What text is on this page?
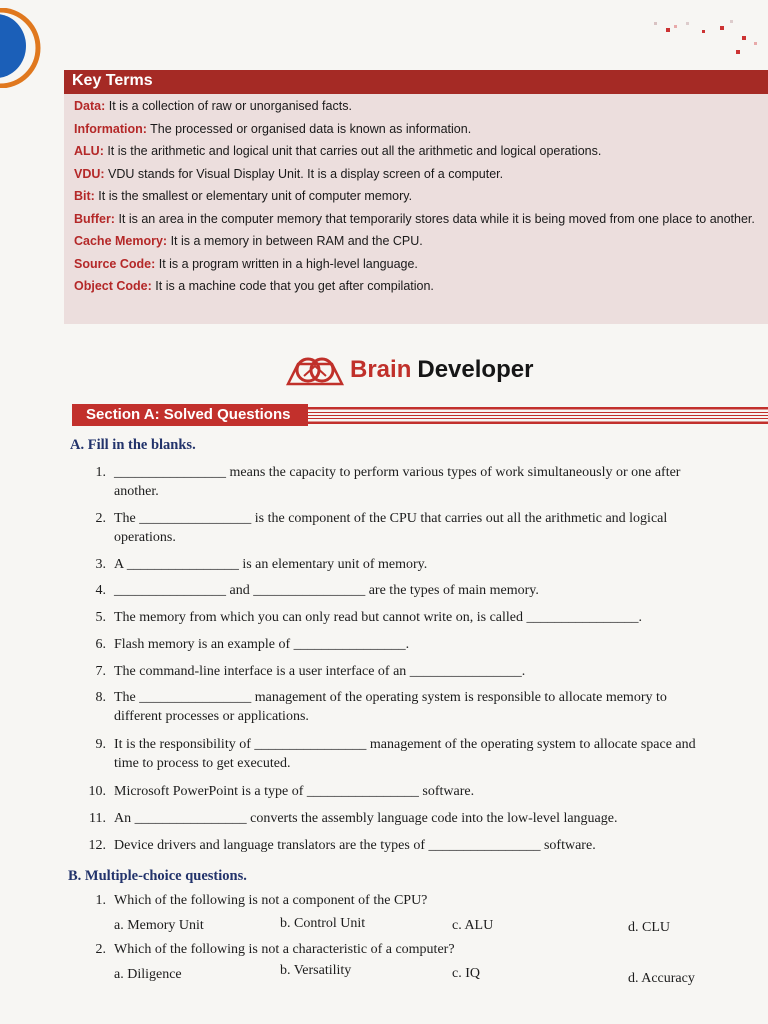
Key Terms
Data: It is a collection of raw or unorganised facts.
Information: The processed or organised data is known as information.
ALU: It is the arithmetic and logical unit that carries out all the arithmetic and logical operations.
VDU: VDU stands for Visual Display Unit. It is a display screen of a computer.
Bit: It is the smallest or elementary unit of computer memory.
Buffer: It is an area in the computer memory that temporarily stores data while it is being moved from one place to another.
Cache Memory: It is a memory in between RAM and the CPU.
Source Code: It is a program written in a high-level language.
Object Code: It is a machine code that you get after compilation.
Brain Developer
Section A: Solved Questions
A. Fill in the blanks.
1. ________________ means the capacity to perform various types of work simultaneously or one after
another.
2. The ________________ is the component of the CPU that carries out all the arithmetic and logical
operations.
3. A ________________ is an elementary unit of memory.
4. ________________ and ________________ are the types of main memory.
5. The memory from which you can only read but cannot write on, is called ________________.
6. Flash memory is an example of ________________.
7. The command-line interface is a user interface of an ________________.
8. The ________________ management of the operating system is responsible to allocate memory to
different processes or applications.
9. It is the responsibility of ________________ management of the operating system to allocate space and
time to process to get executed.
10. Microsoft PowerPoint is a type of ________________ software.
11. An ________________ converts the assembly language code into the low-level language.
12. Device drivers and language translators are the types of ________________ software.
B. Multiple-choice questions.
1. Which of the following is not a component of the CPU?
a. Memory Unit	b. Control Unit	c. ALU	d. CLU
2. Which of the following is not a characteristic of a computer?
a. Diligence	b. Versatility	c. IQ	d. Accuracy
